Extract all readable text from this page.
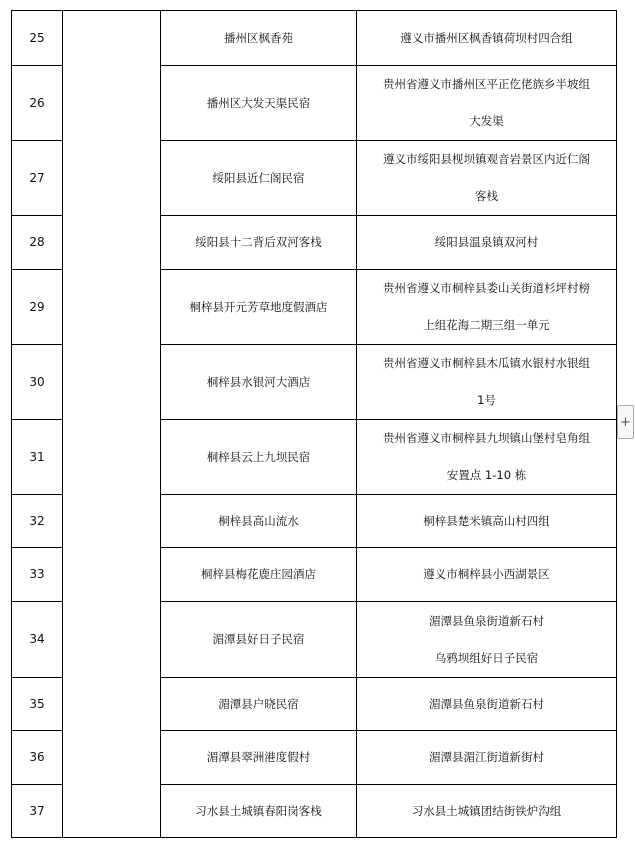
25		播州区枫香苑	遵义市播州区枫香镇荷坝村四合组
26		播州区大发天渠民宿	贵州省遵义市播州区平正仡佬族乡半坡组
大发渠
27		绥阳县近仁阁民宿	遵义市绥阳县枧坝镇观音岩景区内近仁阁
客栈
28		绥阳县十二背后双河客栈	绥阳县温泉镇双河村
29		桐梓县开元芳草地度假酒店	贵州省遵义市桐梓县娄山关街道杉坪村榜
上组花海二期三组一单元
30		桐梓县水银河大酒店	贵州省遵义市桐梓县木瓜镇水银村水银组
1号
31		桐梓县云上九坝民宿	贵州省遵义市桐梓县九坝镇山堡村皂角组
安置点 1-10 栋
32		桐梓县高山流水	桐梓县楚米镇高山村四组
33		桐梓县梅花鹿庄园酒店	遵义市桐梓县小西湖景区
34		湄潭县好日子民宿	湄潭县鱼泉街道新石村
乌鸦坝组好日子民宿
35		湄潭县户晓民宿	湄潭县鱼泉街道新石村
36		湄潭县翠洲港度假村	湄潭县湄江街道新街村
37		习水县土城镇春阳岗客栈	习水县土城镇团结街铁炉沟组
+
